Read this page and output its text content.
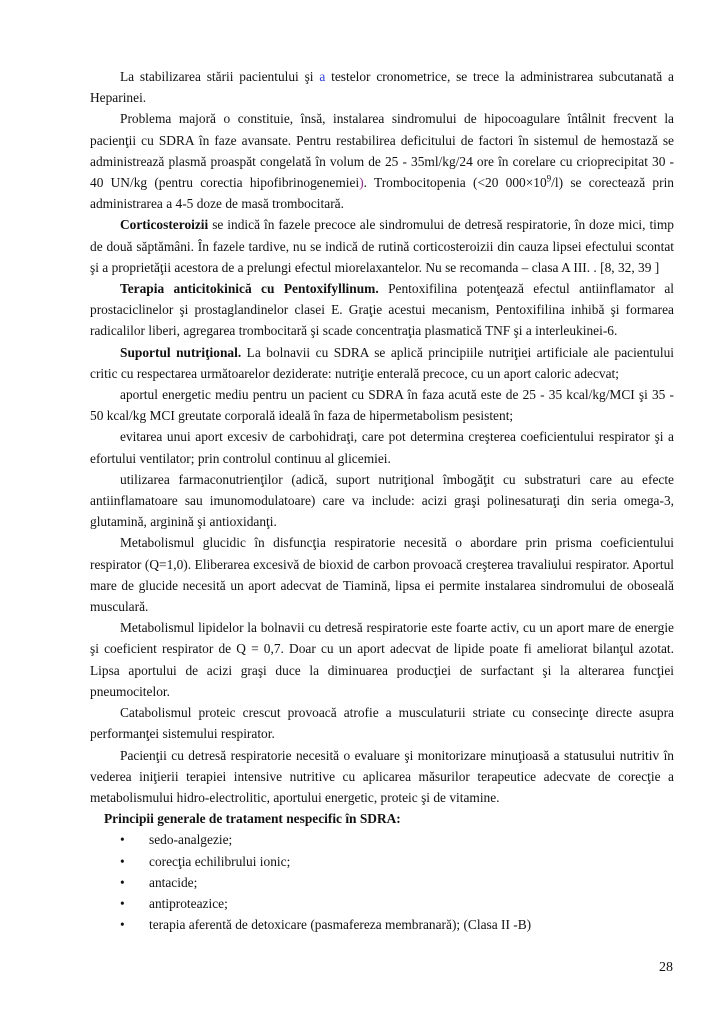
La stabilizarea stării pacientului şi a testelor cronometrice, se trece la administrarea subcutanată a Heparinei.

Problema majoră o constituie, însă, instalarea sindromului de hipocoagulare întâlnit frecvent la pacienţii cu SDRA în faze avansate. Pentru restabilirea deficitului de factori în sistemul de hemostază se administrează plasmă proaspăt congelată în volum de 25 - 35ml/kg/24 ore în corelare cu crioprecipitat 30 - 40 UN/kg (pentru corectia hipofibrinogenemiei). Trombocitopenia (<20 $000\times 10^9/l$) se corectează prin administrarea a 4-5 doze de masă trombocitară.

Corticosteroizii se indică în fazele precoce ale sindromului de detresă respiratorie, în doze mici, timp de două săptămâni. În fazele tardive, nu se indică de rutină corticosteroizii din cauza lipsei efectului scontat şi a proprietăţii acestora de a prelungi efectul miorelaxantelor. Nu se recomanda – clasa A III. . [8, 32, 39 ]

Terapia anticitokinică cu Pentoxifyllinum. Pentoxifilina potenţează efectul antiinflamator al prostaciclinelor şi prostaglandinelor clasei E. Graţie acestui mecanism, Pentoxifilina inhibă şi formarea radicalilor liberi, agregarea trombocitară şi scade concentraţia plasmatică TNF şi a interleukinei-6.

Suportul nutriţional. La bolnavii cu SDRA se aplică principiile nutriţiei artificiale ale pacientului critic cu respectarea următoarelor deziderate: nutriţie enterală precoce, cu un aport caloric adecvat;

aportul energetic mediu pentru un pacient cu SDRA în faza acută este de 25 - 35 kcal/kg/MCI şi 35 - 50 kcal/kg MCI greutate corporală ideală în faza de hipermetabolism pesistent;

evitarea unui aport excesiv de carbohidraţi, care pot determina creşterea coeficientului respirator şi a efortului ventilator; prin controlul continuu al glicemiei.

utilizarea farmaconutrienţilor (adică, suport nutriţional îmbogăţit cu substraturi care au efecte antiinflamatoare sau imunomodulatoare) care va include: acizi graşi polinesaturaţi din seria omega-3, glutamină, arginină şi antioxidanţi.

Metabolismul glucidic în disfuncţia respiratorie necesită o abordare prin prisma coeficientului respirator (Q=1,0). Eliberarea excesivă de bioxid de carbon provoacă creşterea travaliului respirator. Aportul mare de glucide necesită un aport adecvat de Tiamină, lipsa ei permite instalarea sindromului de oboseală musculară.

Metabolismul lipidelor la bolnavii cu detresă respiratorie este foarte activ, cu un aport mare de energie şi coeficient respirator de Q = 0,7. Doar cu un aport adecvat de lipide poate fi ameliorat bilanţul azotat. Lipsa aportului de acizi graşi duce la diminuarea producţiei de surfactant şi la alterarea funcţiei pneumocitelor.

Catabolismul proteic crescut provoacă atrofie a musculaturii striate cu consecinţe directe asupra performanţei sistemului respirator.

Pacienţii cu detresă respiratorie necesită o evaluare şi monitorizare minuţioasă a statusului nutritiv în vederea iniţierii terapiei intensive nutritive cu aplicarea măsurilor terapeutice adecvate de corecţie a metabolismului hidro-electrolitic, aportului energetic, proteic şi de vitamine.

Principii generale de tratament nespecific în SDRA:

• sedo-analgezie;
• corecţia echilibrului ionic;
• antacide;
• antiproteazice;
• terapia aferentă de detoxicare (pasmafereza membranară); (Clasa II -B)
28
